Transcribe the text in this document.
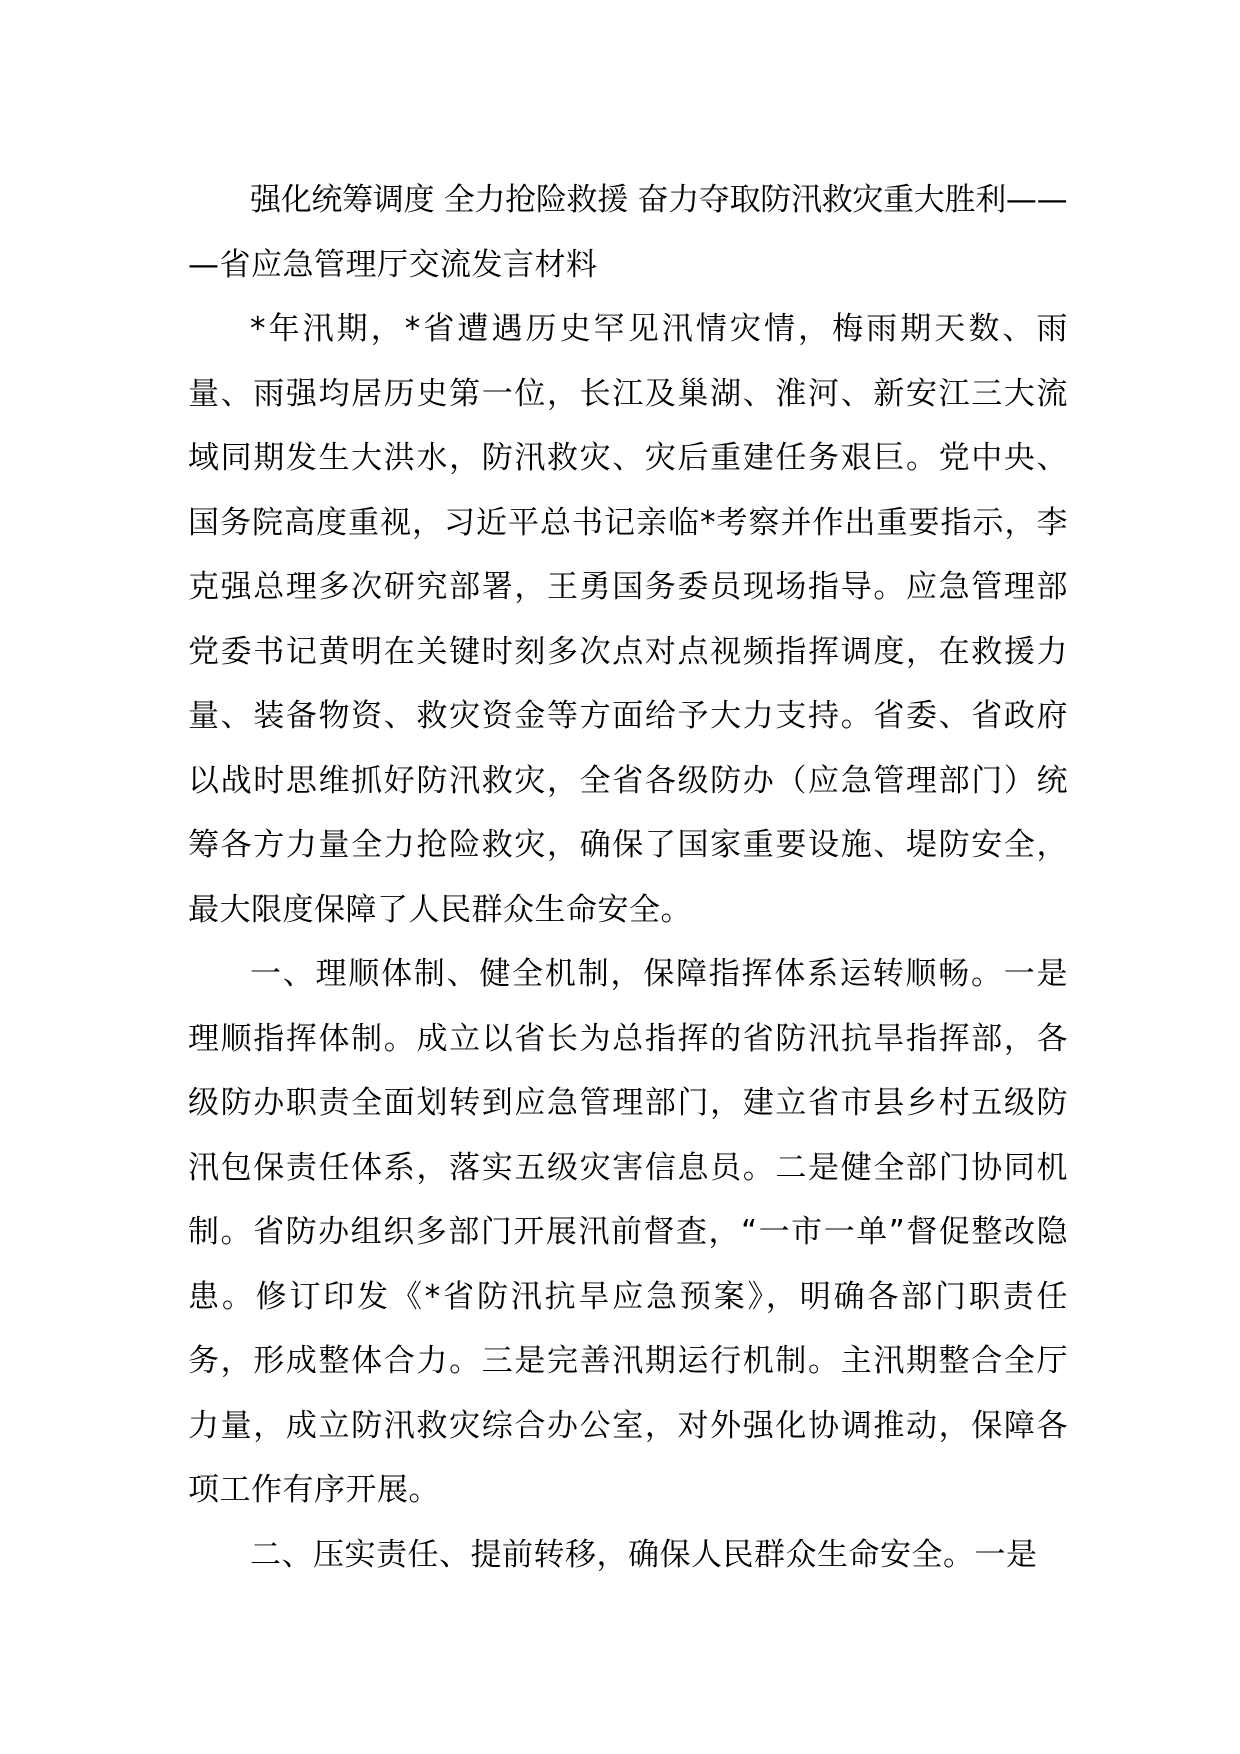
强化统筹调度 全力抢险救援 奋力夺取防汛救灾重大胜利——
—省应急管理厅交流发言材料

*年汛期，*省遭遇历史罕见汛情灾情，梅雨期天数、雨量、雨强均居历史第一位，长江及巢湖、淮河、新安江三大流域同期发生大洪水，防汛救灾、灾后重建任务艰巨。党中央、国务院高度重视，习近平总书记亲临*考察并作出重要指示，李克强总理多次研究部署，王勇国务委员现场指导。应急管理部党委书记黄明在关键时刻多次点对点视频指挥调度，在救援力量、装备物资、救灾资金等方面给予大力支持。省委、省政府以战时思维抓好防汛救灾，全省各级防办（应急管理部门）统筹各方力量全力抢险救灾，确保了国家重要设施、堤防安全，最大限度保障了人民群众生命安全。

一、理顺体制、健全机制，保障指挥体系运转顺畅。一是理顺指挥体制。成立以省长为总指挥的省防汛抗旱指挥部，各级防办职责全面划转到应急管理部门，建立省市县乡村五级防汛包保责任体系，落实五级灾害信息员。二是健全部门协同机制。省防办组织多部门开展汛前督查，“一市一单”督促整改隐患。修订印发《*省防汛抗旱应急预案》，明确各部门职责任务，形成整体合力。三是完善汛期运行机制。主汛期整合全厅力量，成立防汛救灾综合办公室，对外强化协调推动，保障各项工作有序开展。

二、压实责任、提前转移，确保人民群众生命安全。一是
